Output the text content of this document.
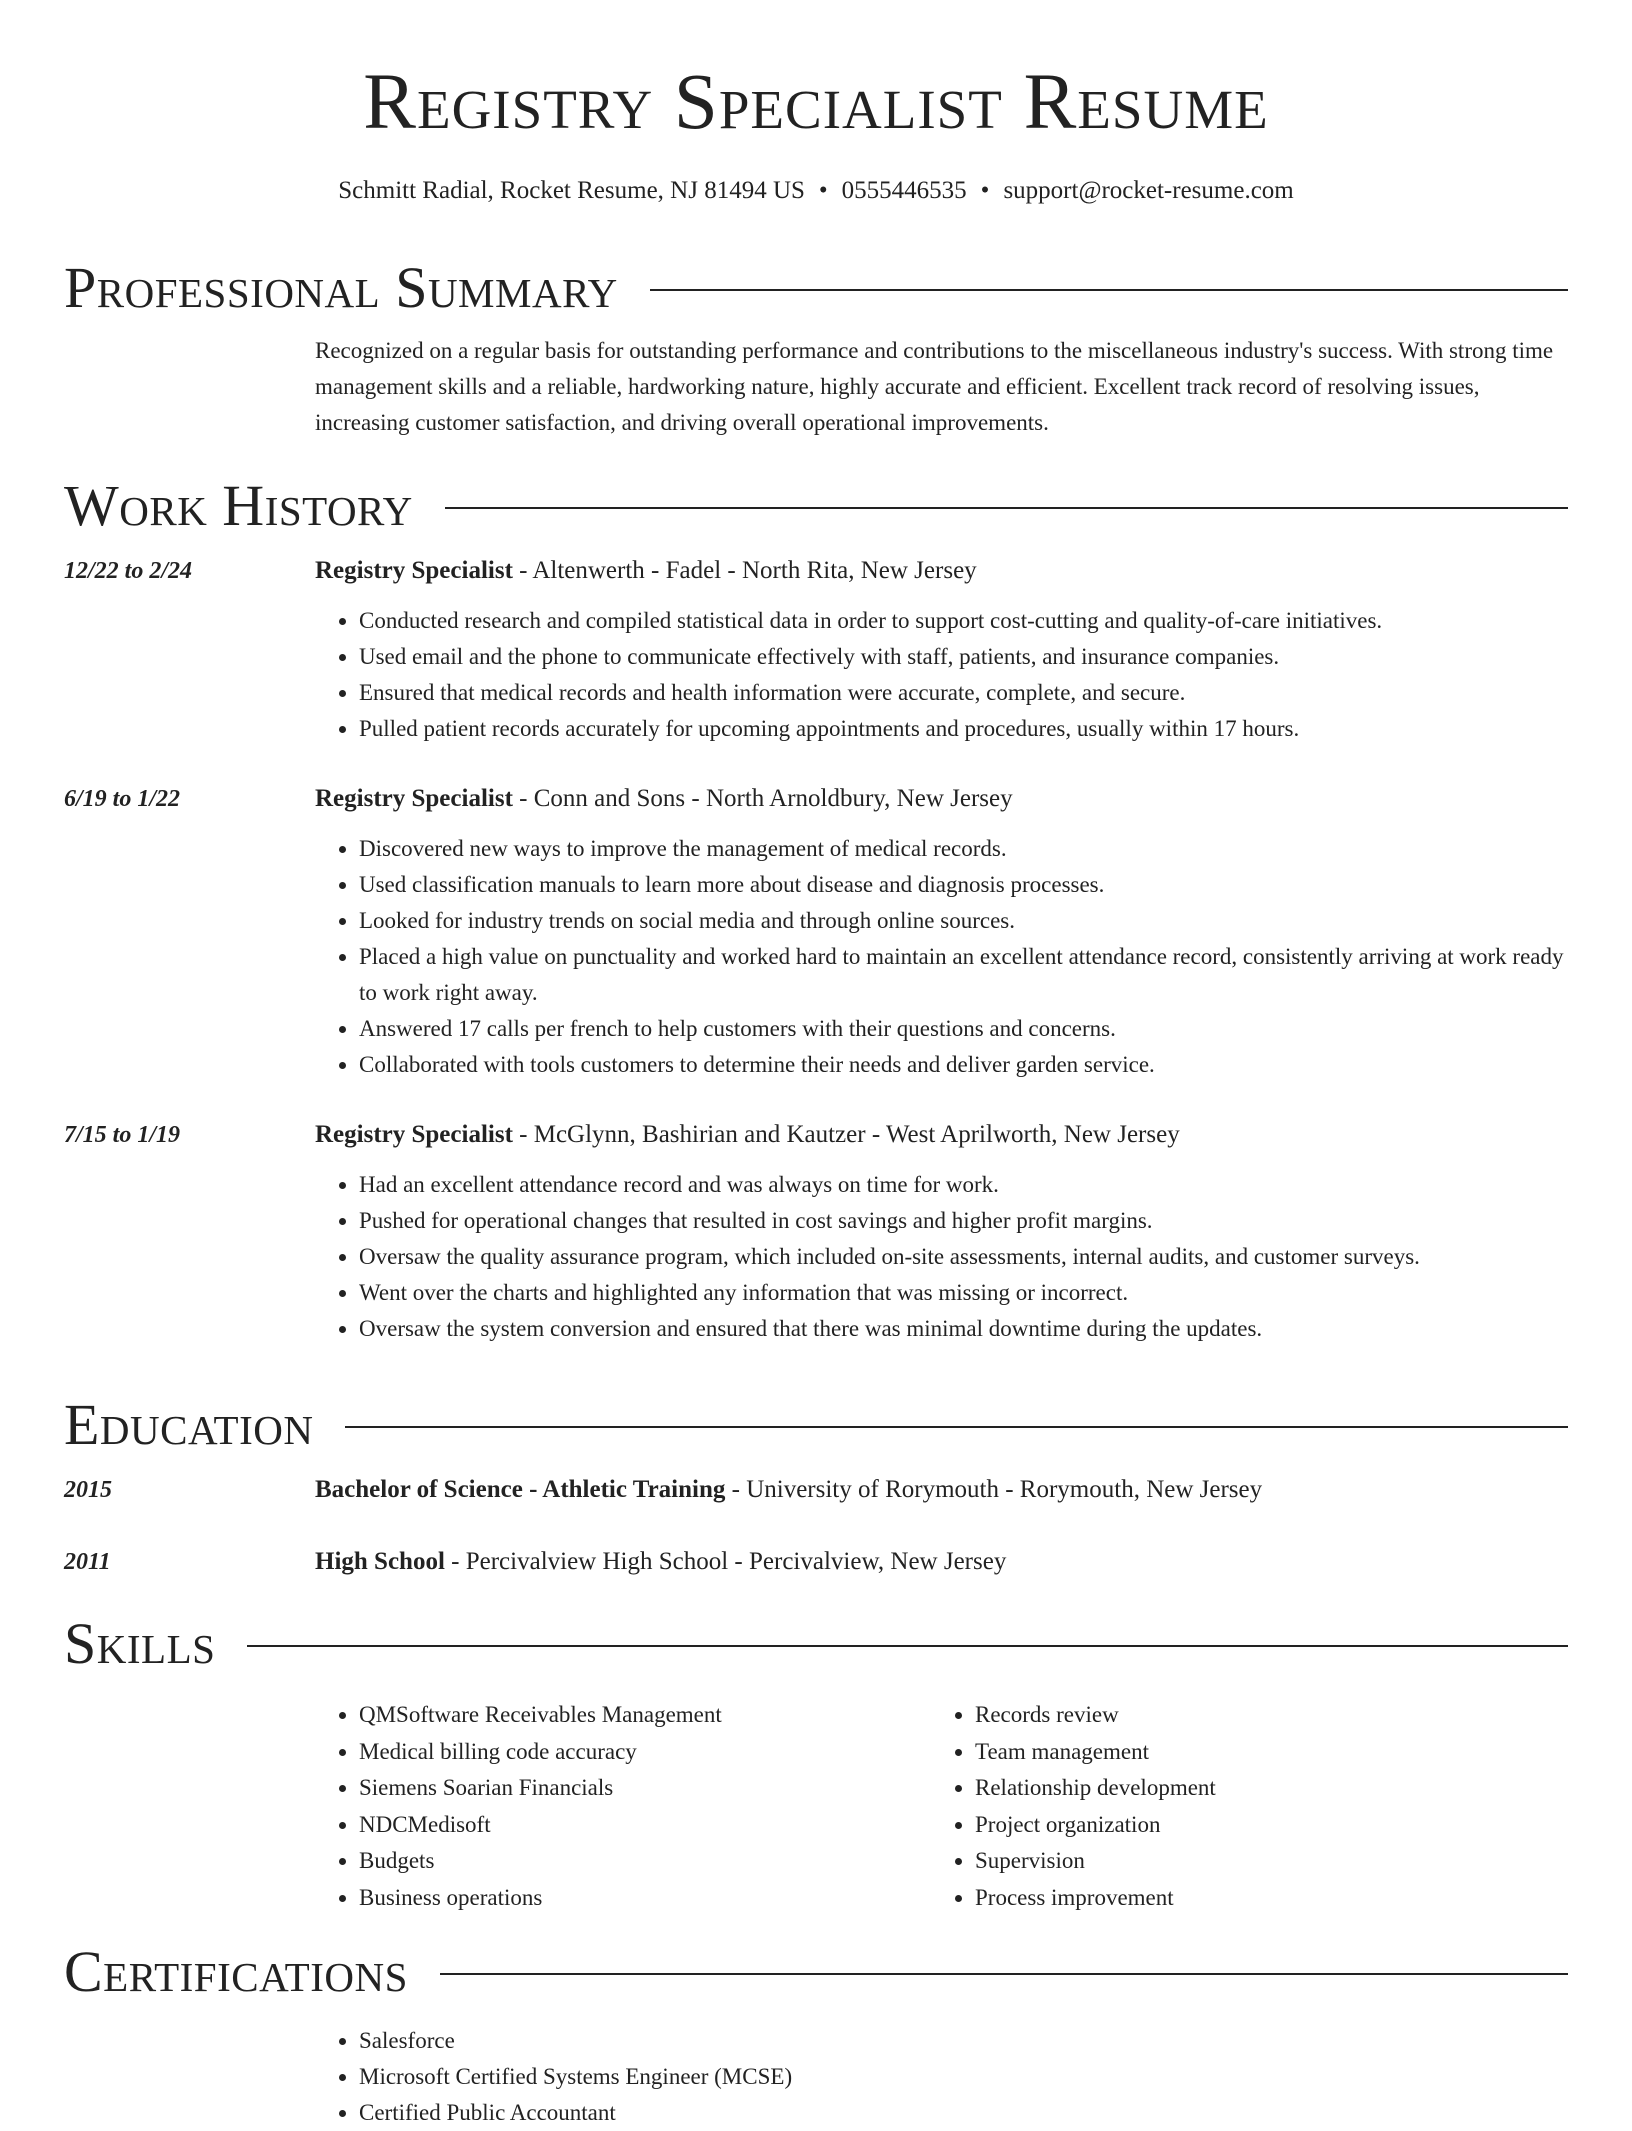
Registry Specialist Resume
Schmitt Radial, Rocket Resume, NJ 81494 US • 0555446535 • support@rocket-resume.com
Professional Summary
Recognized on a regular basis for outstanding performance and contributions to the miscellaneous industry's success. With strong time management skills and a reliable, hardworking nature, highly accurate and efficient. Excellent track record of resolving issues, increasing customer satisfaction, and driving overall operational improvements.
Work History
12/22 to 2/24	Registry Specialist - Altenwerth - Fadel - North Rita, New Jersey
• Conducted research and compiled statistical data in order to support cost-cutting and quality-of-care initiatives.
• Used email and the phone to communicate effectively with staff, patients, and insurance companies.
• Ensured that medical records and health information were accurate, complete, and secure.
• Pulled patient records accurately for upcoming appointments and procedures, usually within 17 hours.
6/19 to 1/22	Registry Specialist - Conn and Sons - North Arnoldbury, New Jersey
• Discovered new ways to improve the management of medical records.
• Used classification manuals to learn more about disease and diagnosis processes.
• Looked for industry trends on social media and through online sources.
• Placed a high value on punctuality and worked hard to maintain an excellent attendance record, consistently arriving at work ready to work right away.
• Answered 17 calls per french to help customers with their questions and concerns.
• Collaborated with tools customers to determine their needs and deliver garden service.
7/15 to 1/19	Registry Specialist - McGlynn, Bashirian and Kautzer - West Aprilworth, New Jersey
• Had an excellent attendance record and was always on time for work.
• Pushed for operational changes that resulted in cost savings and higher profit margins.
• Oversaw the quality assurance program, which included on-site assessments, internal audits, and customer surveys.
• Went over the charts and highlighted any information that was missing or incorrect.
• Oversaw the system conversion and ensured that there was minimal downtime during the updates.
Education
2015	Bachelor of Science - Athletic Training - University of Rorymouth - Rorymouth, New Jersey
2011	High School - Percivalview High School - Percivalview, New Jersey
Skills
• QMSoftware Receivables Management
• Medical billing code accuracy
• Siemens Soarian Financials
• NDCMedisoft
• Budgets
• Business operations
• Records review
• Team management
• Relationship development
• Project organization
• Supervision
• Process improvement
Certifications
• Salesforce
• Microsoft Certified Systems Engineer (MCSE)
• Certified Public Accountant
